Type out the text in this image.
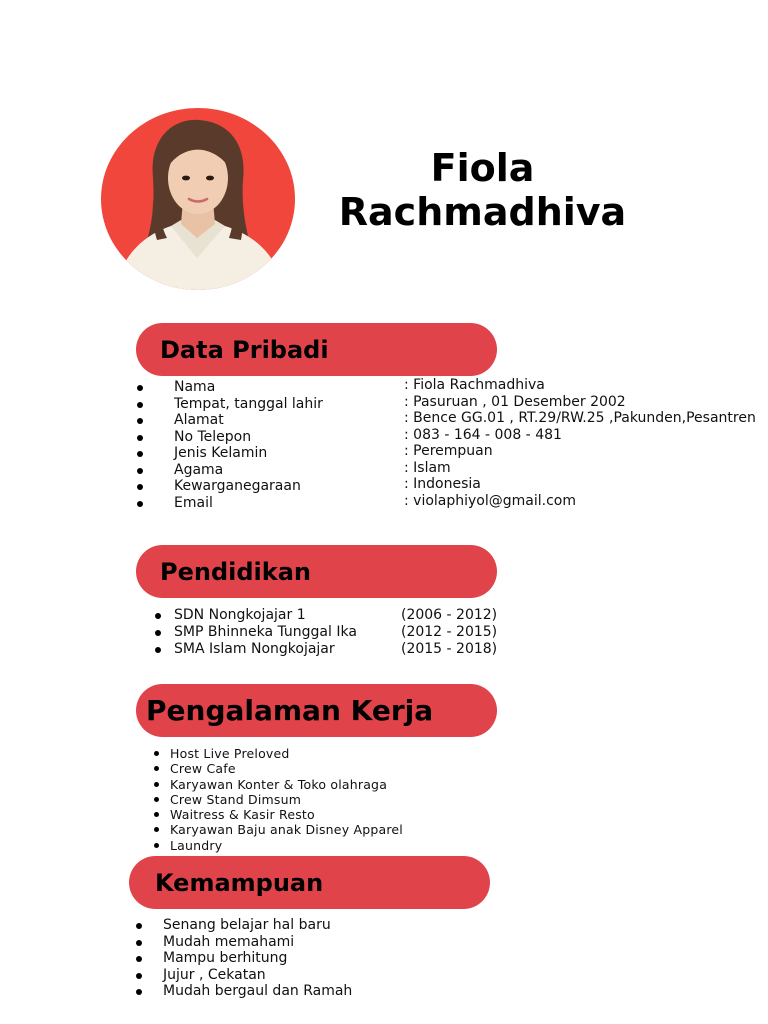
Fiola
Rachmadhiva
Data Pribadi
Nama
Tempat, tanggal lahir
Alamat
No Telepon
Jenis Kelamin
Agama
Kewarganegaraan
Email
: Fiola Rachmadhiva
: Pasuruan , 01 Desember 2002
: Bence GG.01 , RT.29/RW.25 ,Pakunden,Pesantren
: 083 - 164 - 008 - 481
: Perempuan
: Islam
: Indonesia
: violaphiyol@gmail.com
Pendidikan
SDN Nongkojajar 1
SMP Bhinneka Tunggal Ika
SMA Islam Nongkojajar
(2006 - 2012)
(2012 - 2015)
(2015 - 2018)
Pengalaman Kerja
Host Live Preloved
Crew Cafe
Karyawan Konter & Toko olahraga
Crew Stand Dimsum
Waitress & Kasir Resto
Karyawan Baju anak Disney Apparel
Laundry
Kemampuan
Senang belajar hal baru
Mudah memahami
Mampu berhitung
Jujur , Cekatan
Mudah bergaul dan Ramah
